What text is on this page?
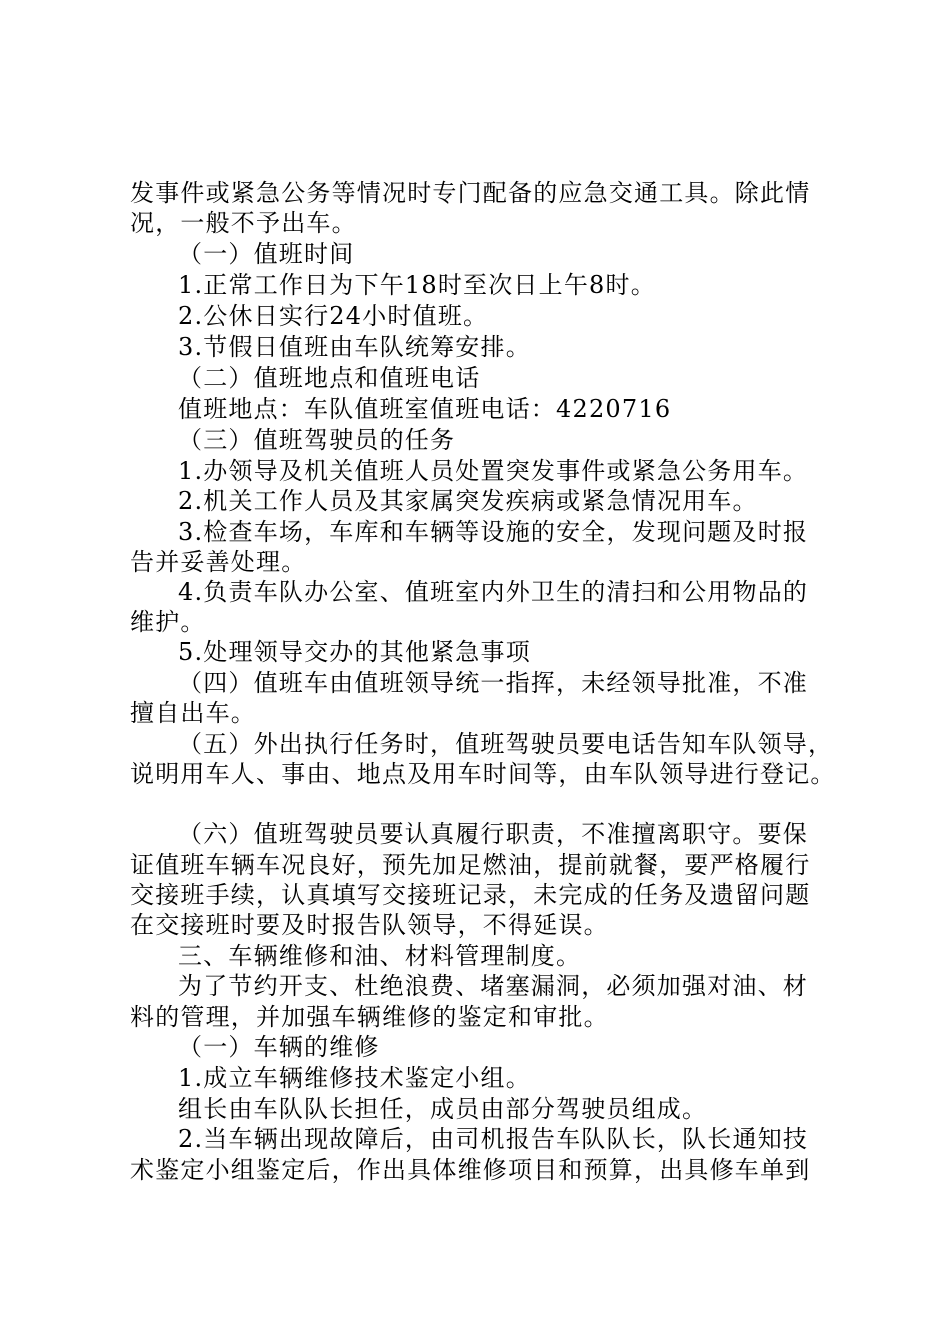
发事件或紧急公务等情况时专门配备的应急交通工具。除此情
况，一般不予出车。
（一）值班时间
1.正常工作日为下午18时至次日上午8时。
2.公休日实行24小时值班。
3.节假日值班由车队统筹安排。
（二）值班地点和值班电话
值班地点：车队值班室值班电话：4220716
（三）值班驾驶员的任务
1.办领导及机关值班人员处置突发事件或紧急公务用车。
2.机关工作人员及其家属突发疾病或紧急情况用车。
3.检查车场，车库和车辆等设施的安全，发现问题及时报
告并妥善处理。
4.负责车队办公室、值班室内外卫生的清扫和公用物品的
维护。
5.处理领导交办的其他紧急事项
（四）值班车由值班领导统一指挥，未经领导批准，不准
擅自出车。
（五）外出执行任务时，值班驾驶员要电话告知车队领导，
说明用车人、事由、地点及用车时间等，由车队领导进行登记。
（六）值班驾驶员要认真履行职责，不准擅离职守。要保
证值班车辆车况良好，预先加足燃油，提前就餐，要严格履行
交接班手续，认真填写交接班记录，未完成的任务及遗留问题
在交接班时要及时报告队领导，不得延误。
三、车辆维修和油、材料管理制度。
为了节约开支、杜绝浪费、堵塞漏洞，必须加强对油、材
料的管理，并加强车辆维修的鉴定和审批。
（一）车辆的维修
1.成立车辆维修技术鉴定小组。
组长由车队队长担任，成员由部分驾驶员组成。
2.当车辆出现故障后，由司机报告车队队长，队长通知技
术鉴定小组鉴定后，作出具体维修项目和预算，出具修车单到
